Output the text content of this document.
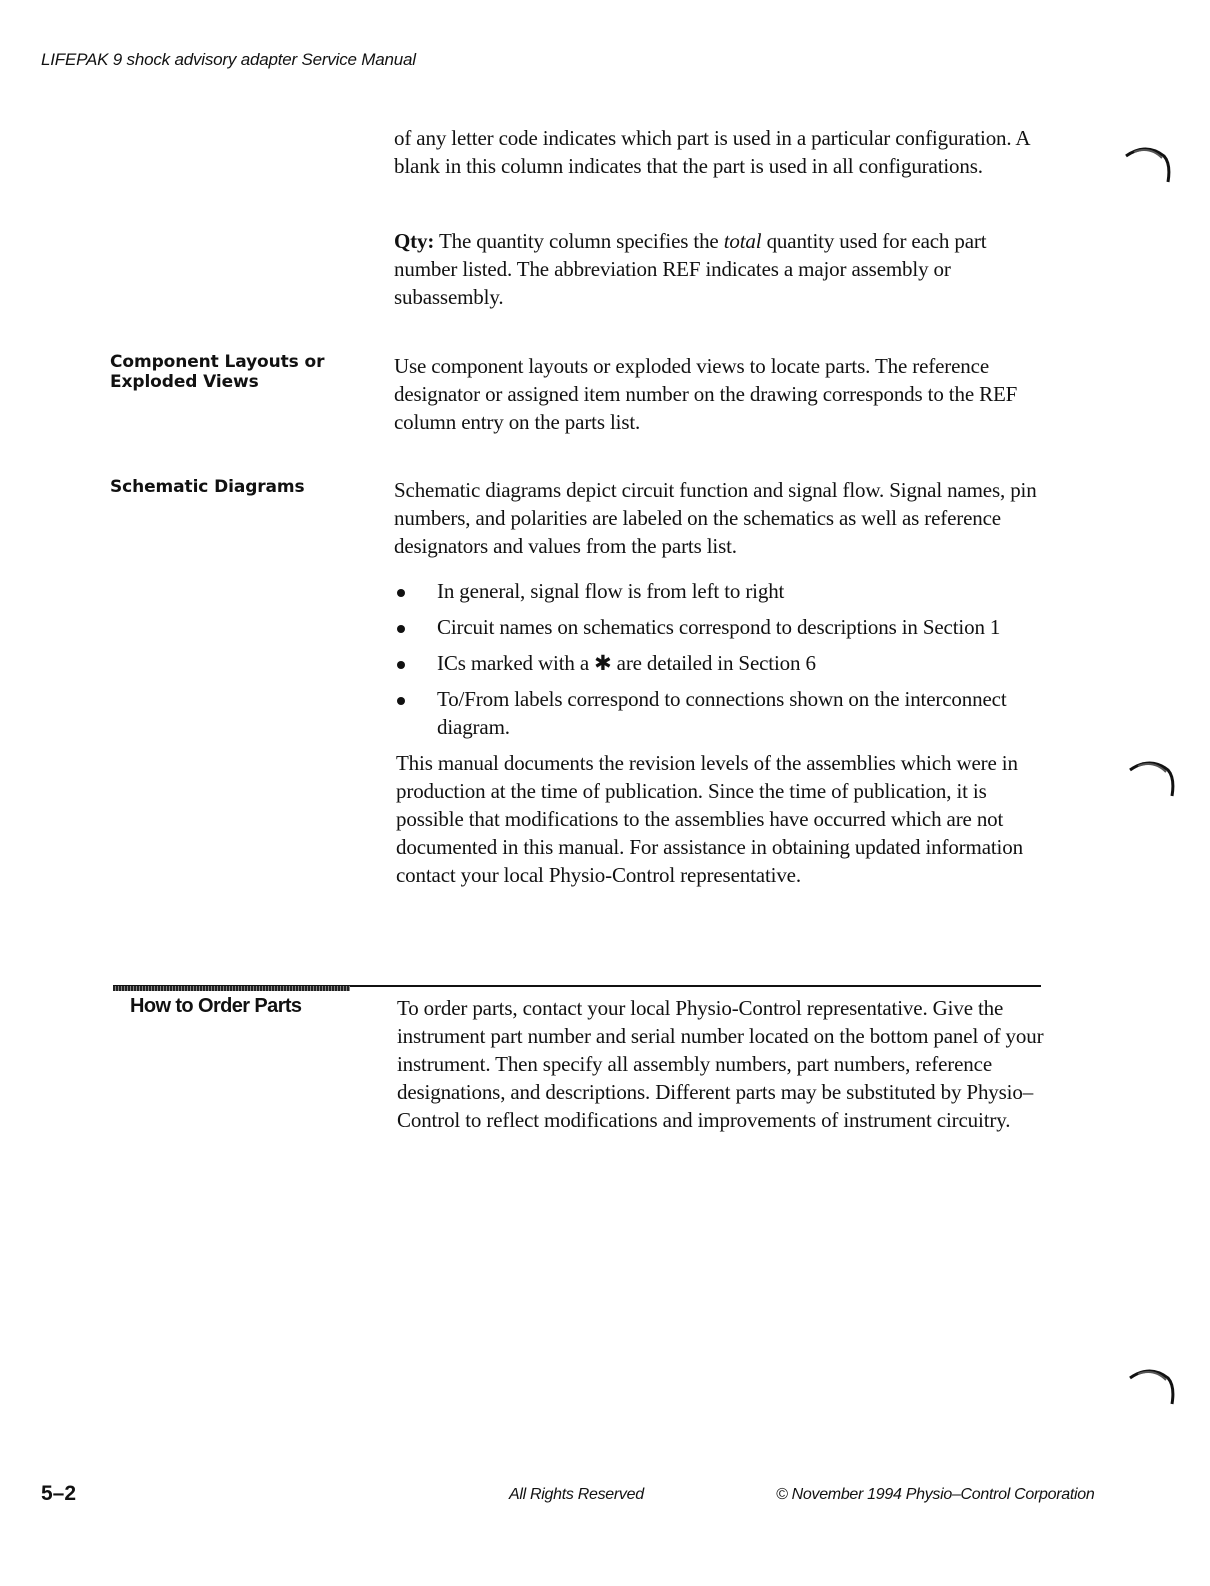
LIFEPAK 9 shock advisory adapter Service Manual

of any letter code indicates which part is used in a particular configuration. A blank in this column indicates that the part is used in all configurations.

Qty: The quantity column specifies the total quantity used for each part number listed. The abbreviation REF indicates a major assembly or subassembly.

Component Layouts or Exploded Views

Use component layouts or exploded views to locate parts. The reference designator or assigned item number on the drawing corresponds to the REF column entry on the parts list.

Schematic Diagrams	Schematic diagrams depict circuit function and signal flow. Signal names, pin numbers, and polarities are labeled on the schematics as well as reference designators and values from the parts list.

In general, signal flow is from left to right
Circuit names on schematics correspond to descriptions in Section 1
ICs marked with a ✱ are detailed in Section 6
To/From labels correspond to connections shown on the interconnect diagram.

This manual documents the revision levels of the assemblies which were in production at the time of publication. Since the time of publication, it is possible that modifications to the assemblies have occurred which are not documented in this manual. For assistance in obtaining updated information contact your local Physio-Control representative.

How to Order Parts	To order parts, contact your local Physio-Control representative. Give the instrument part number and serial number located on the bottom panel of your instrument. Then specify all assembly numbers, part numbers, reference designations, and descriptions. Different parts may be substituted by Physio–Control to reflect modifications and improvements of instrument circuitry.

5–2	All Rights Reserved	© November 1994 Physio–Control Corporation
